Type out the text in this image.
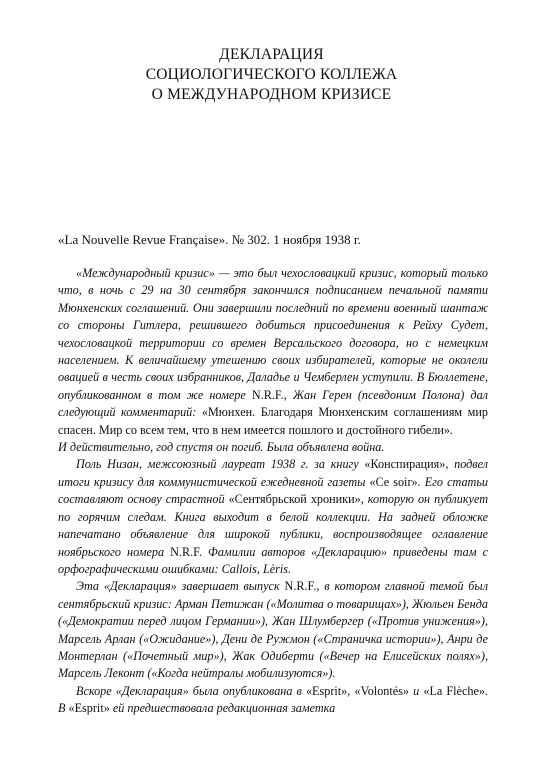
ДЕКЛАРАЦИЯ
СОЦИОЛОГИЧЕСКОГО КОЛЛЕЖА
О МЕЖДУНАРОДНОМ КРИЗИСЕ
«La Nouvelle Revue Française». № 302. 1 ноября 1938 г.

«Международный кризис» — это был чехословацкий кризис, который только что, в ночь с 29 на 30 сентября закончился подписанием печальной памяти Мюнхенских соглашений. Они завершили последний по времени военный шантаж со стороны Гитлера, решившего добиться присоединения к Рейху Судет, чехословацкой территории со времен Версальского договора, но с немецким населением. К величайшему утешению своих избирателей, которые не околели овацией в честь своих избранников, Даладье и Чемберлен уступили. В Бюллетене, опубликованном в том же номере N.R.F., Жан Герен (псевдоним Полона) дал следующий комментарий: «Мюнхен. Благодаря Мюнхенским соглашениям мир спасен. Мир со всем тем, что в нем имеется пошлого и достойного гибели».

И действительно, год спустя он погиб. Была объявлена война.

Поль Низан, межсоюзный лауреат 1938 г. за книгу «Конспирация», подвел итоги кризису для коммунистической ежедневной газеты «Ce soir». Его статьи составляют основу страстной «Сентябрьской хроники», которую он публикует по горячим следам. Книга выходит в белой коллекции. На задней обложке напечатано объявление для широкой публики, воспроизводящее оглавление ноябрьского номера N.R.F. Фамилии авторов «Декларацию» приведены там с орфографическими ошибками: Callois, Lèris.

Эта «Декларация» завершает выпуск N.R.F., в котором главной темой был сентябрьский кризис: Арман Петижан («Молитва о товарищах»), Жюльен Бенда («Демократии перед лицом Германии»), Жан Шлумбергер («Против унижения»), Марсель Арлан («Ожидание»), Дени де Ружмон («Страничка истории»), Анри де Монтерлан («Почетный мир»), Жак Одиберти («Вечер на Елисейских полях»), Марсель Леконт («Когда нейтралы мобилизуются»).

Вскоре «Декларация» была опубликована в «Esprit», «Volontés» и «La Flèche». В «Esprit» ей предшествовала редакционная заметка
